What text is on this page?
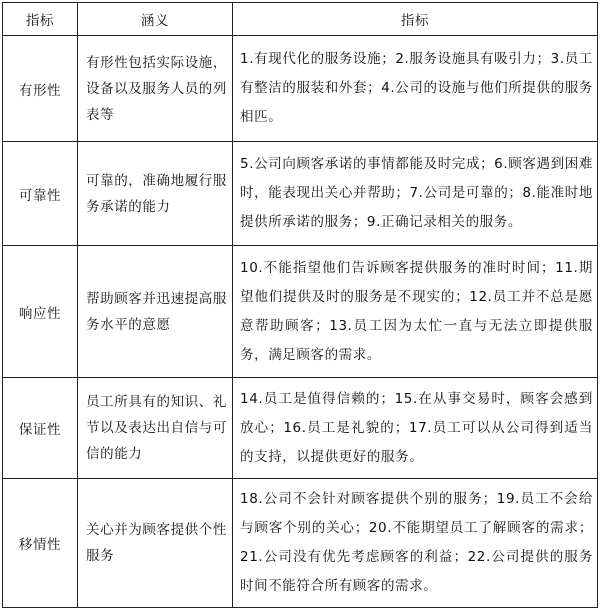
指标	涵义	指标
有形性	有形性包括实际设施，设备以及服务人员的列表等	1.有现代化的服务设施；2.服务设施具有吸引力；3.员工有整洁的服装和外套；4.公司的设施与他们所提供的服务相匹。
可靠性	可靠的，准确地履行服务承诺的能力	5.公司向顾客承诺的事情都能及时完成；6.顾客遇到困难时，能表现出关心并帮助；7.公司是可靠的；8.能准时地提供所承诺的服务；9.正确记录相关的服务。
响应性	帮助顾客并迅速提高服务水平的意愿	10.不能指望他们告诉顾客提供服务的准时时间；11.期望他们提供及时的服务是不现实的；12.员工并不总是愿意帮助顾客；13.员工因为太忙一直与无法立即提供服务，满足顾客的需求。
保证性	员工所具有的知识、礼节以及表达出自信与可信的能力	14.员工是值得信赖的；15.在从事交易时，顾客会感到放心；16.员工是礼貌的；17.员工可以从公司得到适当的支持，以提供更好的服务。
移情性	关心并为顾客提供个性服务	18.公司不会针对顾客提供个别的服务；19.员工不会给与顾客个别的关心；20.不能期望员工了解顾客的需求；21.公司没有优先考虑顾客的利益；22.公司提供的服务时间不能符合所有顾客的需求。
